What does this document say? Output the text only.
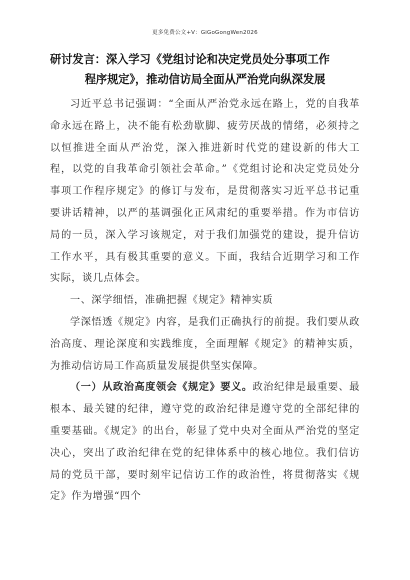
更多免费公文+V：GiGoGongWen2026
研讨发言：深入学习《党组讨论和决定党员处分事项工作
程序规定》，推动信访局全面从严治党向纵深发展

习近平总书记强调：“全面从严治党永远在路上，党的自我革命永远在路上，决不能有松劲歇脚、疲劳厌战的情绪，必须持之以恒推进全面从严治党，深入推进新时代党的建设新的伟大工程，以党的自我革命引领社会革命。”《党组讨论和决定党员处分事项工作程序规定》的修订与发布，是贯彻落实习近平总书记重要讲话精神，以严的基调强化正风肃纪的重要举措。作为市信访局的一员，深入学习该规定，对于我们加强党的建设，提升信访工作水平，具有极其重要的意义。下面，我结合近期学习和工作实际，谈几点体会。

一、深学细悟，准确把握《规定》精神实质

学深悟透《规定》内容，是我们正确执行的前提。我们要从政治高度、理论深度和实践维度，全面理解《规定》的精神实质，为推动信访局工作高质量发展提供坚实保障。

（一）从政治高度领会《规定》要义。政治纪律是最重要、最根本、最关键的纪律，遵守党的政治纪律是遵守党的全部纪律的重要基础。《规定》的出台，彰显了党中央对全面从严治党的坚定决心，突出了政治纪律在党的纪律体系中的核心地位。我们信访局的党员干部，要时刻牢记信访工作的政治性，将贯彻落实《规定》作为增强“四个
